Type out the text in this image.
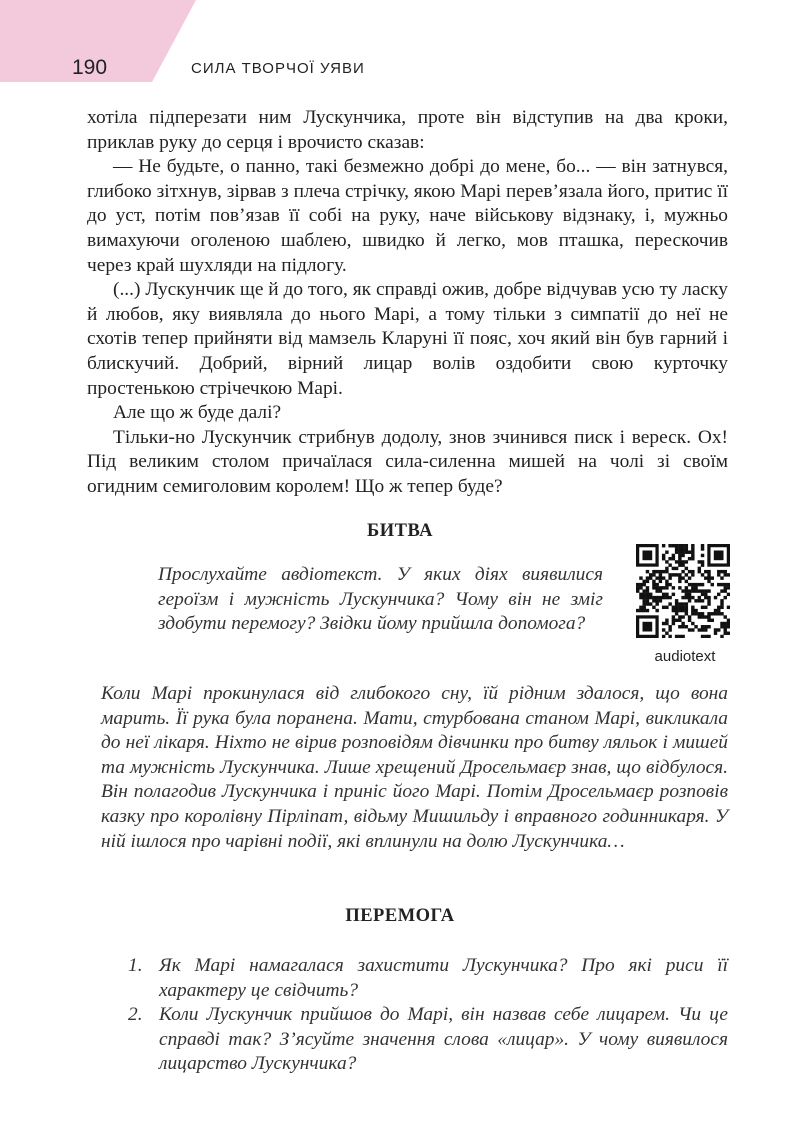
190	СИЛА ТВОРЧОЇ УЯВИ

хотіла підперезати ним Лускунчика, проте він відступив на два кроки, приклав руку до серця і врочисто сказав:

— Не будьте, о панно, такі безмежно добрі до мене, бо... — він затнувся, глибоко зітхнув, зірвав з плеча стрічку, якою Марі перев’язала його, притис її до уст, потім пов’язав її собі на руку, наче військову відзнаку, і, мужньо вимахуючи оголеною шаблею, швидко й легко, мов пташка, перескочив через край шухляди на підлогу.

(...) Лускунчик ще й до того, як справді ожив, добре відчував усю ту ласку й любов, яку виявляла до нього Марі, а тому тільки з симпатії до неї не схотів тепер прийняти від мамзель Кларуні її пояс, хоч який він був гарний і блискучий. Добрий, вірний лицар волів оздобити свою курточку простенькою стрічечкою Марі.

Але що ж буде далі?

Тільки-но Лускунчик стрибнув додолу, знов зчинився писк і вереск. Ох! Під великим столом причаїлася сила-силенна мишей на чолі зі своїм огидним семиголовим королем! Що ж тепер буде?

БИТВА
Прослухайте авдіотекст. У яких діях виявилися героїзм і мужність Лускунчика? Чому він не зміг здобути перемогу? Звідки йому прийшла допомога?
audiotext
Коли Марі прокинулася від глибокого сну, їй рідним здалося, що вона марить. Її рука була поранена. Мати, стурбована станом Марі, викликала до неї лікаря. Ніхто не вірив розповідям дівчинки про битву ляльок і мишей та мужність Лускунчика. Лише хрещений Дросельмаєр знав, що відбулося. Він полагодив Лускунчика і приніс його Марі. Потім Дросельмаєр розповів казку про королівну Пірліпат, відьму Мишильду і вправного годинникаря. У ній ішлося про чарівні події, які вплинули на долю Лускунчика…
ПЕРЕМОГА
1. Як Марі намагалася захистити Лускунчика? Про які риси її характеру це свідчить?
2. Коли Лускунчик прийшов до Марі, він назвав себе лицарем. Чи це справді так? З’ясуйте значення слова «лицар». У чому виявилося лицарство Лускунчика?
